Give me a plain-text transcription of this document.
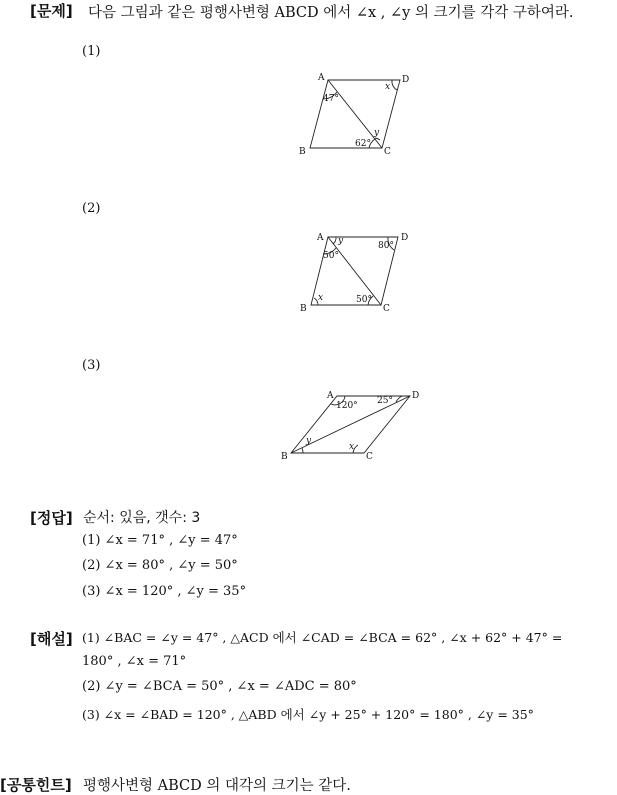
[문제] 다음 그림과 같은 평행사변형 ABCD 에서 ∠x , ∠y 의 크기를 각각 구하여라.
(1)
(2)
(3)
A	D
B	C
47°
62°
x
y
A	D
B	C
y
50°
80°
x	50°
A	D
B	C
120° 25°
y
x
[정답] 순서: 있음, 갯수: 3
(1) ∠x = 71° , ∠y = 47°
(2) ∠x = 80° , ∠y = 50°
(3) ∠x = 120° , ∠y = 35°
[해설] (1) ∠BAC = ∠y = 47° , △ACD 에서 ∠CAD = ∠BCA = 62° , ∠x + 62° + 47° =
180° , ∠x = 71°
(2) ∠y = ∠BCA = 50° , ∠x = ∠ADC = 80°
(3) ∠x = ∠BAD = 120° , △ABD 에서 ∠y + 25° + 120° = 180° , ∠y = 35°
[공통힌트] 평행사변형 ABCD 의 대각의 크기는 같다.
